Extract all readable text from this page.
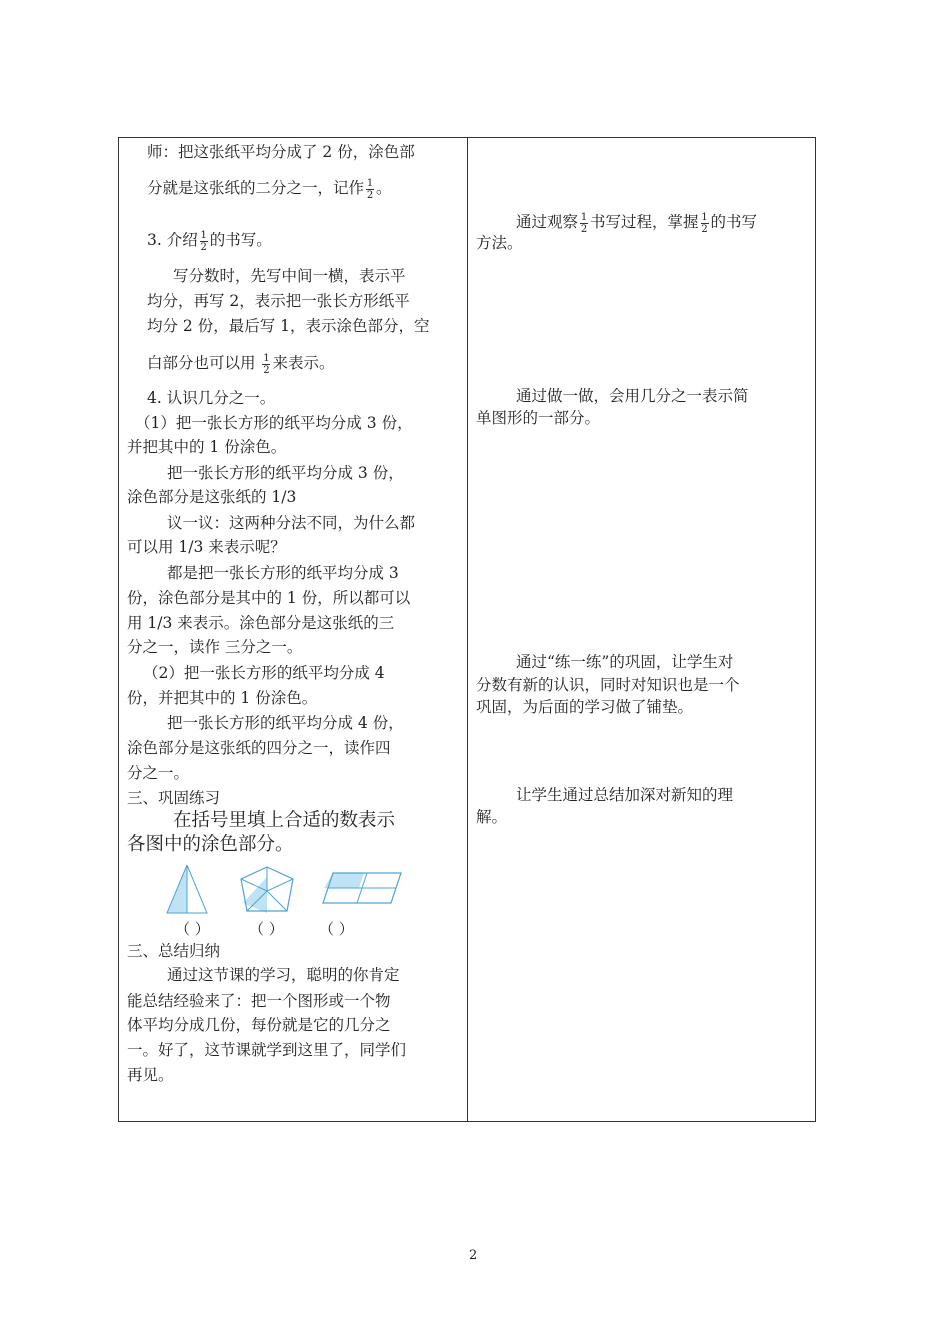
师：把这张纸平均分成了 2 份，涂色部
分就是这张纸的二分之一，记作 $\frac{1}{2}$ 。
3. 介绍 $\frac{1}{2}$ 的书写。
写分数时，先写中间一横，表示平
均分，再写 2，表示把一张长方形纸平
均分 2 份，最后写 1，表示涂色部分，空
白部分也可以用 $\frac{1}{2}$ 来表示。
4. 认识几分之一。
（1）把一张长方形的纸平均分成 3 份，
并把其中的 1 份涂色。
把一张长方形的纸平均分成 3 份，
涂色部分是这张纸的 1/3
议一议：这两种分法不同，为什么都
可以用 1/3 来表示呢？
都是把一张长方形的纸平均分成 3
份，涂色部分是其中的 1 份，所以都可以
用 1/3 来表示。涂色部分是这张纸的三
分之一，读作 三分之一。
（2）把一张长方形的纸平均分成 4
份，并把其中的 1 份涂色。
把一张长方形的纸平均分成 4 份，
涂色部分是这张纸的四分之一，读作四
分之一。
三、巩固练习
在括号里填上合适的数表示
各图中的涂色部分。
（ ）	（ ） （ ）
三、总结归纳
通过这节课的学习，聪明的你肯定
能总结经验来了：把一个图形或一个物
体平均分成几份，每份就是它的几分之
一。好了，这节课就学到这里了，同学们
再见。
通过观察 $\frac{1}{2}$ 书写过程，掌握 $\frac{1}{2}$ 的书写
方法。
通过做一做，会用几分之一表示简
单图形的一部分。
通过“练一练”的巩固，让学生对
分数有新的认识，同时对知识也是一个
巩固，为后面的学习做了铺垫。
让学生通过总结加深对新知的理
解。
2
